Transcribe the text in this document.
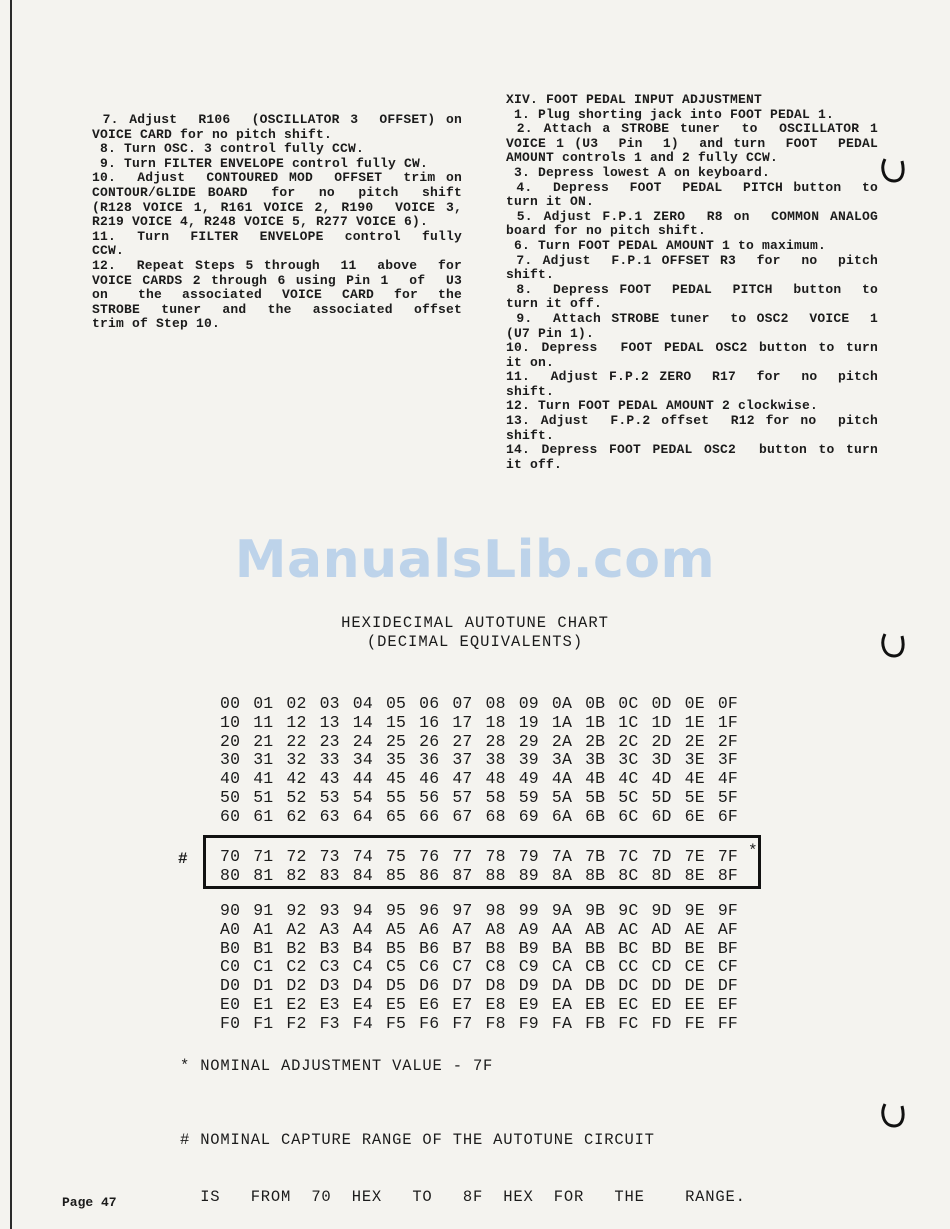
7. Adjust  R106  (OSCILLATOR 3  OFFSET) on
VOICE CARD for no pitch shift.
8. Turn OSC. 3 control fully CCW.
9. Turn FILTER ENVELOPE control fully CW.
10.  Adjust  CONTOURED MOD  OFFSET  trim on
CONTOUR/GLIDE BOARD  for  no  pitch  shift
(R128 VOICE 1, R161 VOICE 2, R190  VOICE 3,
R219 VOICE 4, R248 VOICE 5, R277 VOICE 6).
11.  Turn  FILTER  ENVELOPE  control  fully
CCW.
12.  Repeat Steps 5 through  11  above  for
VOICE CARDS 2 through 6 using Pin 1  of  U3
on   the  associated  VOICE  CARD  for  the
STROBE  tuner  and  the  associated  offset
trim of Step 10.
XIV. FOOT PEDAL INPUT ADJUSTMENT
1. Plug shorting jack into FOOT PEDAL 1.
2. Attach a STROBE tuner  to  OSCILLATOR 1
VOICE 1 (U3  Pin  1)  and turn  FOOT  PEDAL
AMOUNT controls 1 and 2 fully CCW.
3. Depress lowest A on keyboard.
4.  Depress  FOOT  PEDAL  PITCH button  to
turn it ON.
5. Adjust F.P.1 ZERO  R8 on  COMMON ANALOG
board for no pitch shift.
6. Turn FOOT PEDAL AMOUNT 1 to maximum.
7. Adjust  F.P.1 OFFSET R3  for  no  pitch
shift.
8.  Depress FOOT  PEDAL  PITCH  button  to
turn it off.
9.  Attach STROBE tuner  to OSC2  VOICE  1
(U7 Pin 1).
10. Depress  FOOT PEDAL OSC2 button to turn
it on.
11.  Adjust F.P.2 ZERO  R17  for  no  pitch
shift.
12. Turn FOOT PEDAL AMOUNT 2 clockwise.
13. Adjust  F.P.2 offset  R12 for no  pitch
shift.
14. Depress FOOT PEDAL OSC2  button to turn
it off.
ManualsLib.com
HEXIDECIMAL AUTOTUNE CHART
(DECIMAL EQUIVALENTS)
00 01 02 03 04 05 06 07 08 09 0A 0B 0C 0D 0E 0F
10 11 12 13 14 15 16 17 18 19 1A 1B 1C 1D 1E 1F
20 21 22 23 24 25 26 27 28 29 2A 2B 2C 2D 2E 2F
30 31 32 33 34 35 36 37 38 39 3A 3B 3C 3D 3E 3F
40 41 42 43 44 45 46 47 48 49 4A 4B 4C 4D 4E 4F
50 51 52 53 54 55 56 57 58 59 5A 5B 5C 5D 5E 5F
60 61 62 63 64 65 66 67 68 69 6A 6B 6C 6D 6E 6F
# 70 71 72 73 74 75 76 77 78 79 7A 7B 7C 7D 7E 7F
80 81 82 83 84 85 86 87 88 89 8A 8B 8C 8D 8E 8F
*
90 91 92 93 94 95 96 97 98 99 9A 9B 9C 9D 9E 9F
A0 A1 A2 A3 A4 A5 A6 A7 A8 A9 AA AB AC AD AE AF
B0 B1 B2 B3 B4 B5 B6 B7 B8 B9 BA BB BC BD BE BF
C0 C1 C2 C3 C4 C5 C6 C7 C8 C9 CA CB CC CD CE CF
D0 D1 D2 D3 D4 D5 D6 D7 D8 D9 DA DB DC DD DE DF
E0 E1 E2 E3 E4 E5 E6 E7 E8 E9 EA EB EC ED EE EF
F0 F1 F2 F3 F4 F5 F6 F7 F8 F9 FA FB FC FD FE FF
* NOMINAL ADJUSTMENT VALUE - 7F

# NOMINAL CAPTURE RANGE OF THE AUTOTUNE CIRCUIT

IS   FROM  70  HEX   TO   8F  HEX  FOR   THE    RANGE.

Page 47
